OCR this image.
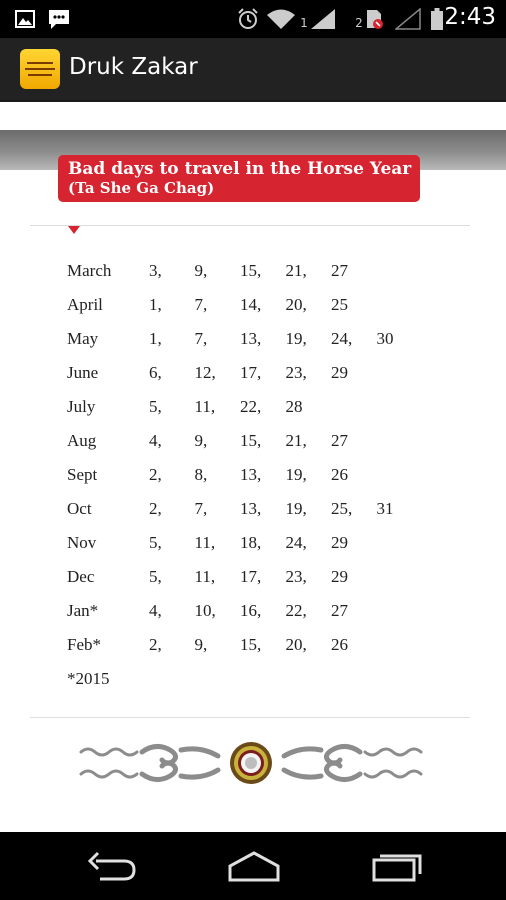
1	2	2:43
Druk Zakar
Bad days to travel in the Horse Year
(Ta She Ga Chag)
March	3,	9,	15,	21,	27	
April	1,	7,	14,	20,	25	
May	1,	7,	13,	19,	24,	30
June	6,	12,	17,	23,	29	
July	5,	11,	22,	28		
Aug	4,	9,	15,	21,	27	
Sept	2,	8,	13,	19,	26	
Oct	2,	7,	13,	19,	25,	31
Nov	5,	11,	18,	24,	29	
Dec	5,	11,	17,	23,	29	
Jan*	4,	10,	16,	22,	27	
Feb*	2,	9,	15,	20,	26	
*2015
